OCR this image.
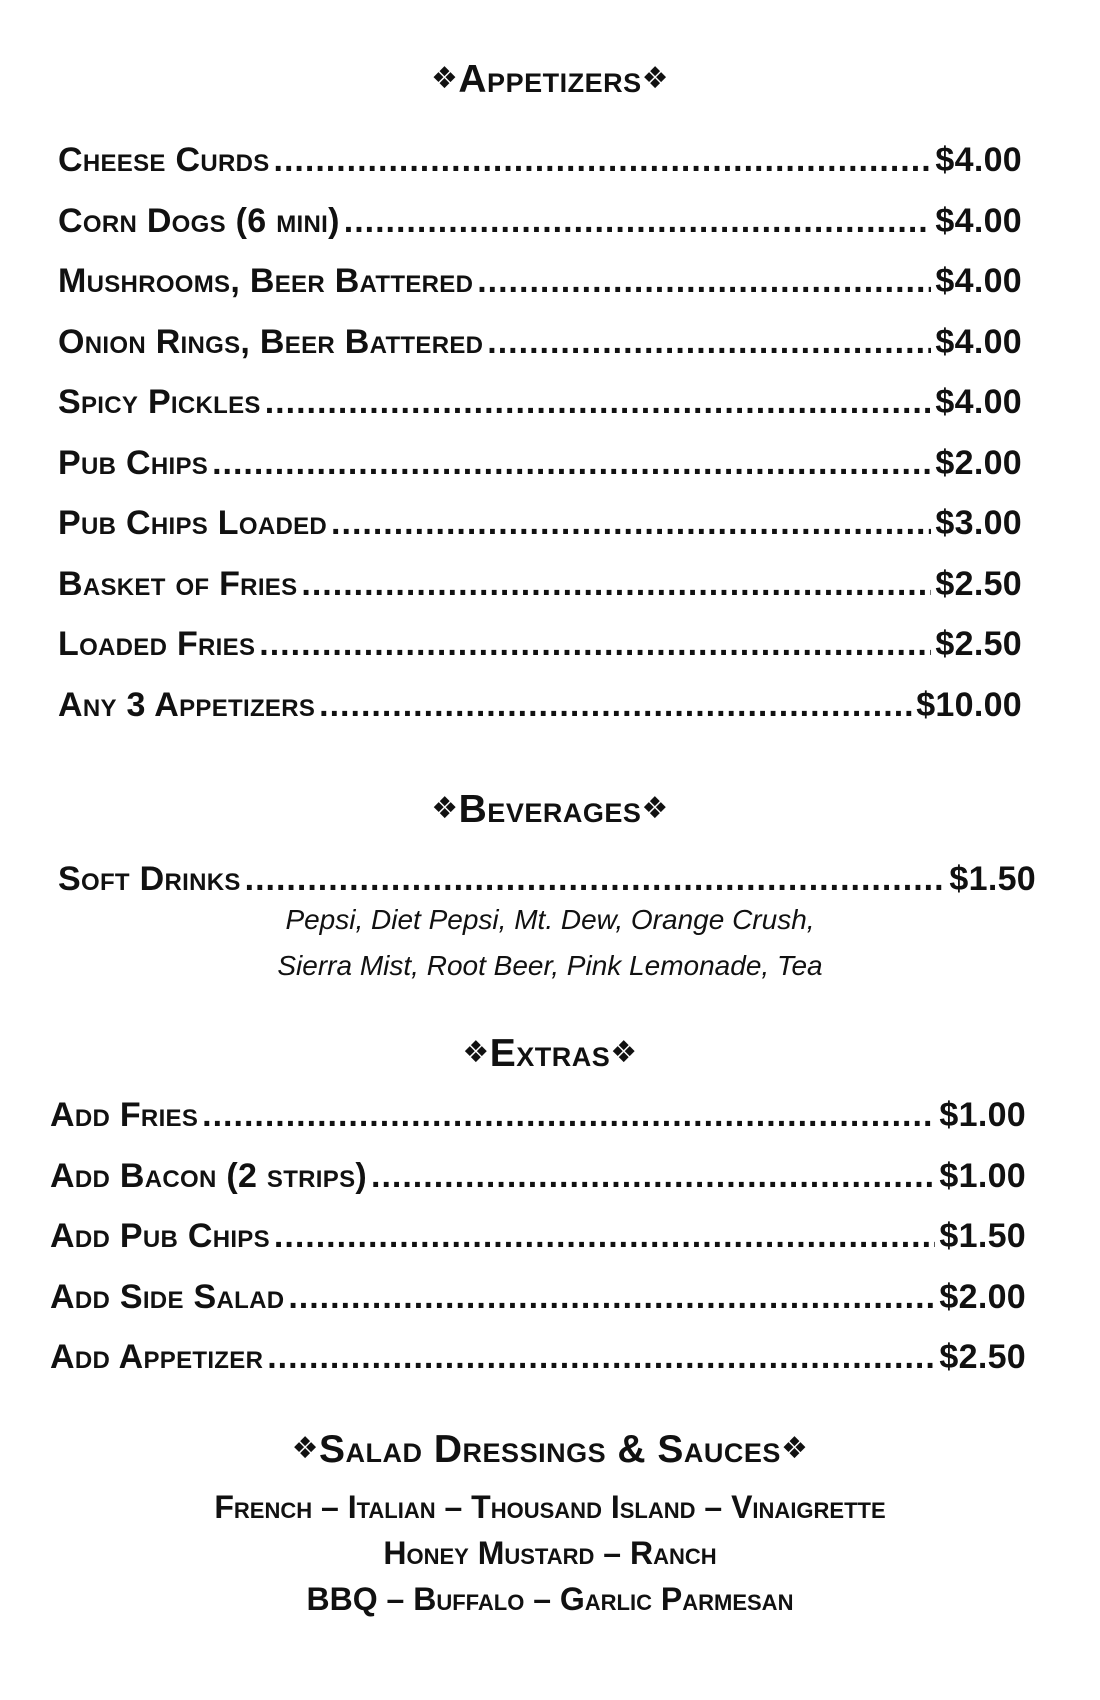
❖Appetizers❖
Cheese Curds .....	$4.00
Corn Dogs (6 mini) .....	$4.00
Mushrooms, Beer Battered .....	$4.00
Onion Rings, Beer Battered .....	$4.00
Spicy Pickles .....	$4.00
Pub Chips .....	$2.00
Pub Chips Loaded .....	$3.00
Basket of Fries .....	$2.50
Loaded Fries .....	$2.50
Any 3 Appetizers .....	$10.00
❖Beverages❖
Soft Drinks .....	$1.50
Pepsi, Diet Pepsi, Mt. Dew, Orange Crush,
Sierra Mist, Root Beer, Pink Lemonade, Tea
❖Extras❖
Add Fries .....	$1.00
Add Bacon (2 strips) .....	$1.00
Add Pub Chips .....	$1.50
Add Side Salad .....	$2.00
Add Appetizer .....	$2.50
❖Salad Dressings & Sauces❖
French – Italian – Thousand Island – Vinaigrette
Honey Mustard – Ranch
BBQ – Buffalo – Garlic Parmesan
